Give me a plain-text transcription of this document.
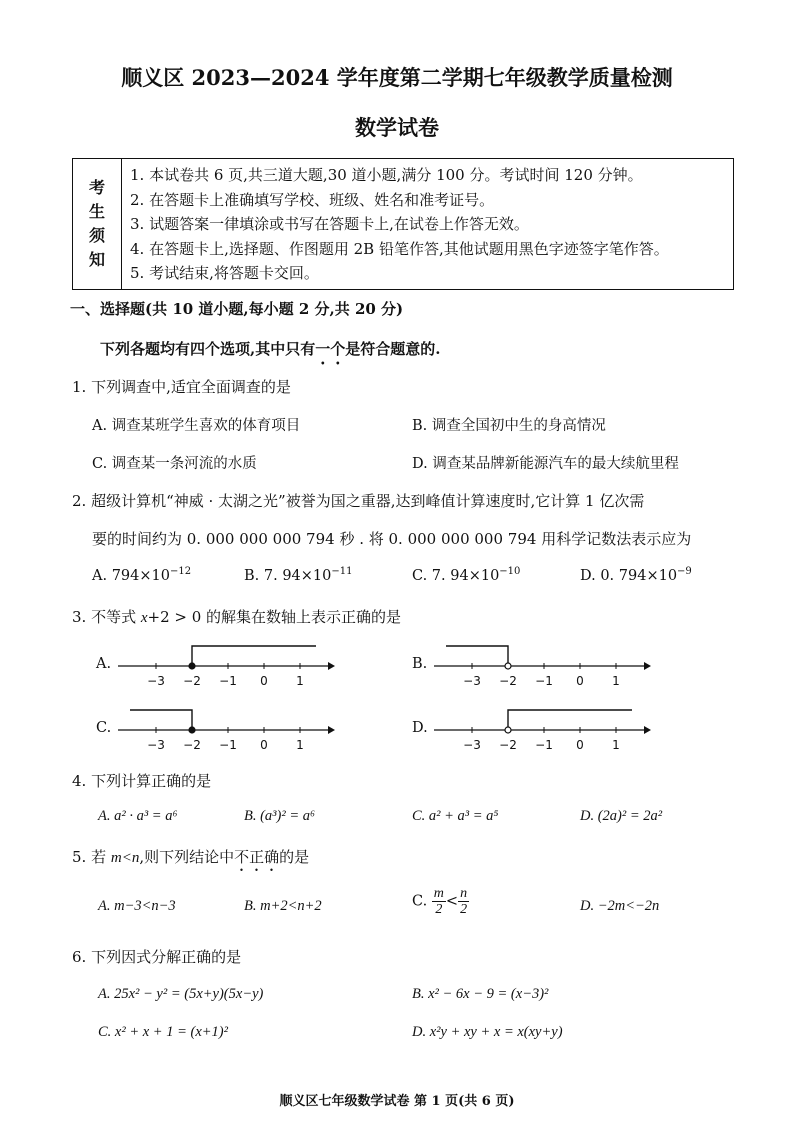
顺义区 2023—2024 学年度第二学期七年级教学质量检测
数学试卷
考
生
须
知
1. 本试卷共 6 页,共三道大题,30 道小题,满分 100 分。考试时间 120 分钟。
2. 在答题卡上准确填写学校、班级、姓名和准考证号。
3. 试题答案一律填涂或书写在答题卡上,在试卷上作答无效。
4. 在答题卡上,选择题、作图题用 2B 铅笔作答,其他试题用黑色字迹签字笔作答。
5. 考试结束,将答题卡交回。
一、选择题(共 10 道小题,每小题 2 分,共 20 分)
下列各题均有四个选项,其中只有一个是符合题意的.
1. 下列调查中,适宜全面调查的是
A. 调查某班学生喜欢的体育项目	B. 调查全国初中生的身高情况
C. 调查某一条河流的水质	D. 调查某品牌新能源汽车的最大续航里程
2. 超级计算机“神威 · 太湖之光”被誉为国之重器,达到峰值计算速度时,它计算 1 亿次需
要的时间约为 0. 000 000 000 794 秒 . 将 0. 000 000 000 794 用科学记数法表示应为
A. $794\times 10^{-12}$	B. 7. $94\times 10^{-11}$	C. 7. $94\times 10^{-10}$	D. 0. $794\times 10^{-9}$
3. 不等式 x+2 > 0 的解集在数轴上表示正确的是
A.	B.
C.	D.
−3 −2 −1 0 1	−3 −2 −1 0 1
−3 −2 −1 0 1	−3 −2 −1 0 1
4. 下列计算正确的是
A. a² · a³ = a⁶	B. (a³)² = a⁶	C. a² + a³ = a⁵	D. (2a)² = 2a²
5. 若 m<n,则下列结论中不正确的是
A. m−3<n−3	B. m+2<n+2	C. $\frac{m}{2} < \frac{n}{2}$	D. −2m<−2n
6. 下列因式分解正确的是
A. 25x² − y² = (5x+y)(5x−y)	B. x² − 6x − 9 = (x−3)²
C. x² + x + 1 = (x+1)²	D. x²y + xy + x = x(xy+y)
顺义区七年级数学试卷 第 1 页(共 6 页)
